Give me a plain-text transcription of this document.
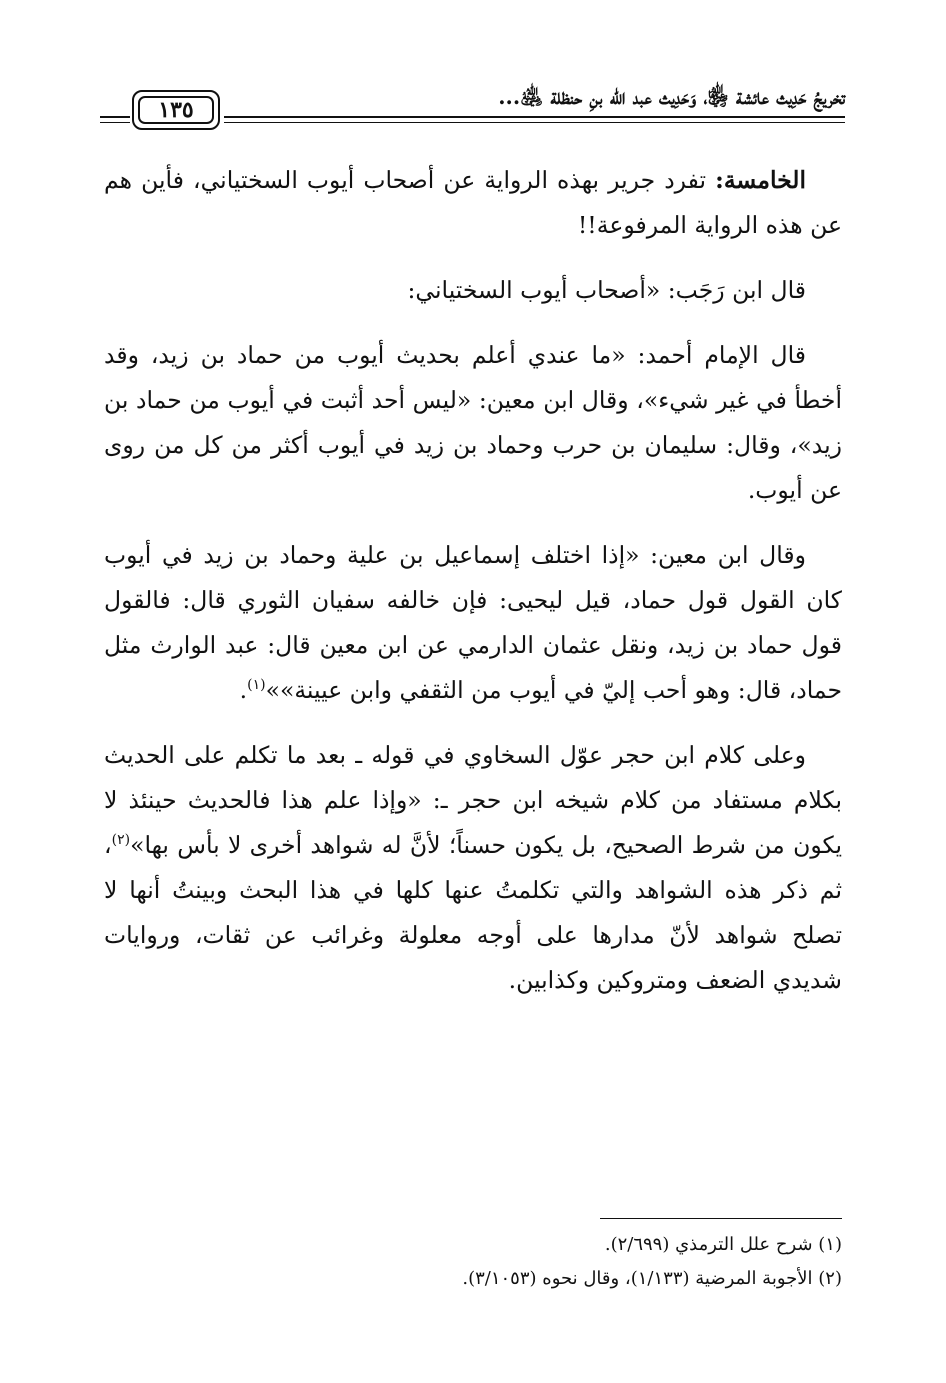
تخريجُ حَدِيث عائشة ﵂، وَحَدِيث عبد الله بنِ حنظلة ﵁...
١٣٥

الخامسة: تفرد جرير بهذه الرواية عن أصحاب أيوب السختياني، فأين هم عن هذه الرواية المرفوعة!!

قال ابن رَجَب: «أصحاب أيوب السختياني:

قال الإمام أحمد: «ما عندي أعلم بحديث أيوب من حماد بن زيد، وقد أخطأ في غير شيء»، وقال ابن معين: «ليس أحد أثبت في أيوب من حماد بن زيد»، وقال: سليمان بن حرب وحماد بن زيد في أيوب أكثر من كل من روى عن أيوب.

وقال ابن معين: «إذا اختلف إسماعيل بن علية وحماد بن زيد في أيوب كان القول قول حماد، قيل ليحيى: فإن خالفه سفيان الثوري قال: فالقول قول حماد بن زيد، ونقل عثمان الدارمي عن ابن معين قال: عبد الوارث مثل حماد، قال: وهو أحب إليّ في أيوب من الثقفي وابن عيينة»»$^{(١)}$.

وعلى كلام ابن حجر عوّل السخاوي في قوله ـ بعد ما تكلم على الحديث بكلام مستفاد من كلام شيخه ابن حجر ـ: «وإذا علم هذا فالحديث حينئذ لا يكون من شرط الصحيح، بل يكون حسناً؛ لأنَّ له شواهد أخرى لا بأس بها»$^{(٢)}$، ثم ذكر هذه الشواهد والتي تكلمتُ عنها كلها في هذا البحث وبينتُ أنها لا تصلح شواهد لأنّ مدارها على أوجه معلولة وغرائب عن ثقات، وروايات شديدي الضعف ومتروكين وكذابين.

(١) شرح علل الترمذي (٢/٦٩٩).
(٢) الأجوبة المرضية (١/١٣٣)، وقال نحوه (٣/١٠٥٣).
